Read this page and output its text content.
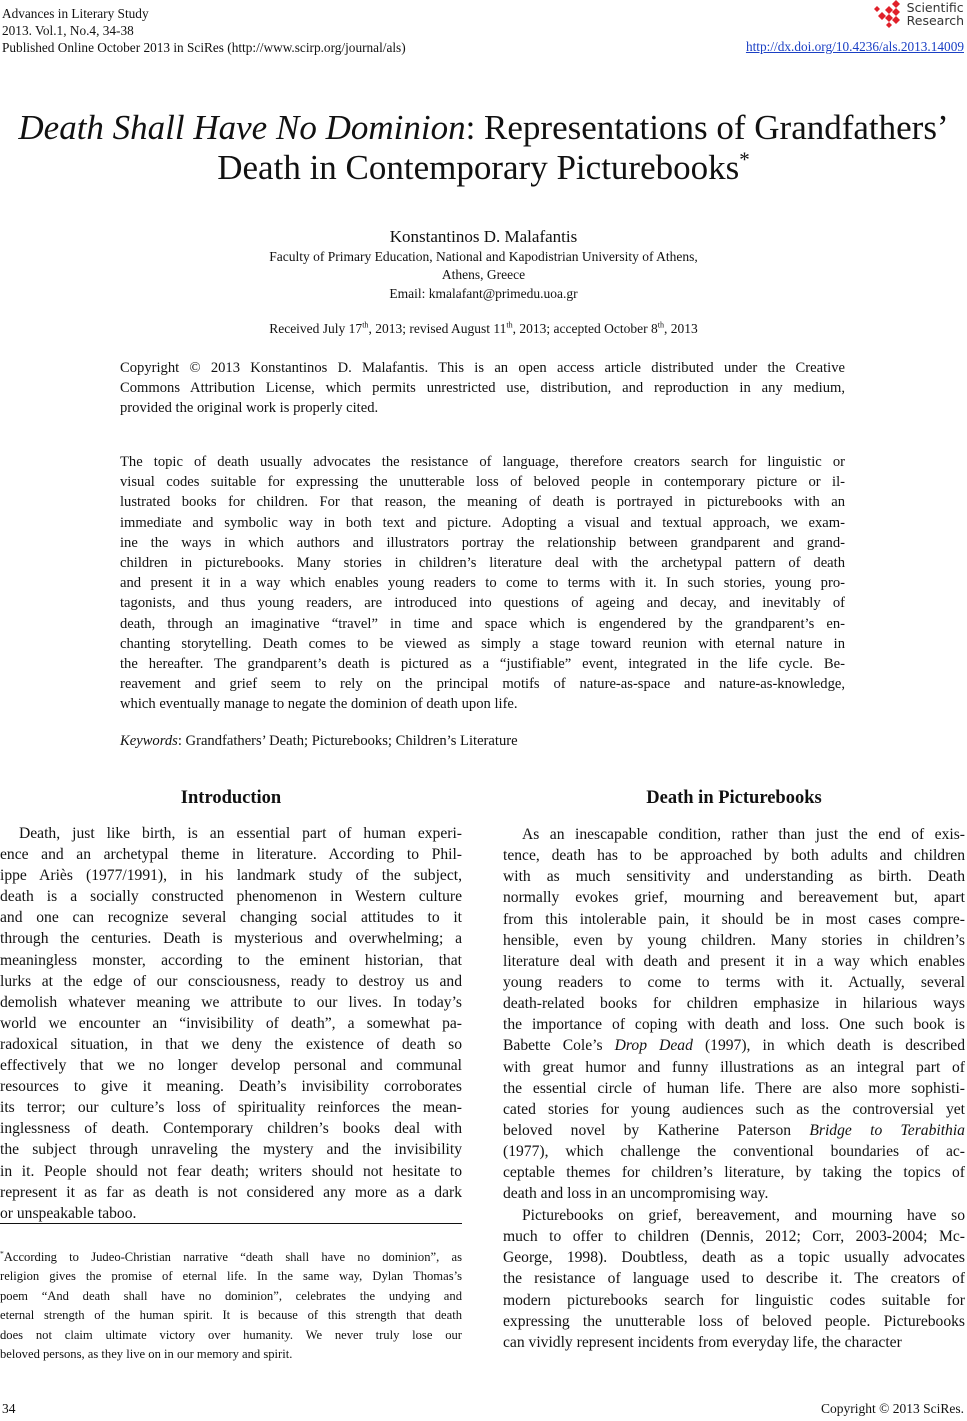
Advances in Literary Study
2013. Vol.1, No.4, 34-38
Published Online October 2013 in SciRes (http://www.scirp.org/journal/als)	http://dx.doi.org/10.4236/als.2013.14009
Scientific
Research
Death Shall Have No Dominion: Representations of Grandfathers’
Death in Contemporary Picturebooks*
Konstantinos D. Malafantis
Faculty of Primary Education, National and Kapodistrian University of Athens,
Athens, Greece
Email: kmalafant@primedu.uoa.gr
Received July 17th, 2013; revised August 11th, 2013; accepted October 8th, 2013
Copyright © 2013 Konstantinos D. Malafantis. This is an open access article distributed under the Creative
Commons Attribution License, which permits unrestricted use, distribution, and reproduction in any medium,
provided the original work is properly cited.
The topic of death usually advocates the resistance of language, therefore creators search for linguistic or
visual codes suitable for expressing the unutterable loss of beloved people in contemporary picture or il-
lustrated books for children. For that reason, the meaning of death is portrayed in picturebooks with an
immediate and symbolic way in both text and picture. Adopting a visual and textual approach, we exam-
ine the ways in which authors and illustrators portray the relationship between grandparent and grand-
children in picturebooks. Many stories in children’s literature deal with the archetypal pattern of death
and present it in a way which enables young readers to come to terms with it. In such stories, young pro-
tagonists, and thus young readers, are introduced into questions of ageing and decay, and inevitably of
death, through an imaginative “travel” in time and space which is engendered by the grandparent’s en-
chanting storytelling. Death comes to be viewed as simply a stage toward reunion with eternal nature in
the hereafter. The grandparent’s death is pictured as a “justifiable” event, integrated in the life cycle. Be-
reavement and grief seem to rely on the principal motifs of nature-as-space and nature-as-knowledge,
which eventually manage to negate the dominion of death upon life.
Keywords: Grandfathers’ Death; Picturebooks; Children’s Literature
Introduction
Death, just like birth, is an essential part of human experi-
ence and an archetypal theme in literature. According to Phil-
ippe Ariès (1977/1991), in his landmark study of the subject,
death is a socially constructed phenomenon in Western culture
and one can recognize several changing social attitudes to it
through the centuries. Death is mysterious and overwhelming; a
meaningless monster, according to the eminent historian, that
lurks at the edge of our consciousness, ready to destroy us and
demolish whatever meaning we attribute to our lives. In today’s
world we encounter an “invisibility of death”, a somewhat pa-
radoxical situation, in that we deny the existence of death so
effectively that we no longer develop personal and communal
resources to give it meaning. Death’s invisibility corroborates
its terror; our culture’s loss of spirituality reinforces the mean-
inglessness of death. Contemporary children’s books deal with
the subject through unraveling the mystery and the invisibility
in it. People should not fear death; writers should not hesitate to
represent it as far as death is not considered any more as a dark
or unspeakable taboo.
*According to Judeo-Christian narrative “death shall have no dominion”, as
religion gives the promise of eternal life. In the same way, Dylan Thomas’s
poem “And death shall have no dominion”, celebrates the undying and
eternal strength of the human spirit. It is because of this strength that death
does not claim ultimate victory over humanity. We never truly lose our
beloved persons, as they live on in our memory and spirit.
Death in Picturebooks
As an inescapable condition, rather than just the end of exis-
tence, death has to be approached by both adults and children
with as much sensitivity and understanding as birth. Death
normally evokes grief, mourning and bereavement but, apart
from this intolerable pain, it should be in most cases compre-
hensible, even by young children. Many stories in children’s
literature deal with death and present it in a way which enables
young readers to come to terms with it. Actually, several
death-related books for children emphasize in hilarious ways
the importance of coping with death and loss. One such book is
Babette Cole’s Drop Dead (1997), in which death is described
with great humor and funny illustrations as an integral part of
the essential circle of human life. There are also more sophisti-
cated stories for young audiences such as the controversial yet
beloved novel by Katherine Paterson Bridge to Terabithia
(1977), which challenge the conventional boundaries of ac-
ceptable themes for children’s literature, by taking the topics of
death and loss in an uncompromising way.
Picturebooks on grief, bereavement, and mourning have so
much to offer to children (Dennis, 2012; Corr, 2003-2004; Mc-
George, 1998). Doubtless, death as a topic usually advocates
the resistance of language used to describe it. The creators of
modern picturebooks search for linguistic codes suitable for
expressing the unutterable loss of beloved people. Picturebooks
can vividly represent incidents from everyday life, the character
34	Copyright © 2013 SciRes.
